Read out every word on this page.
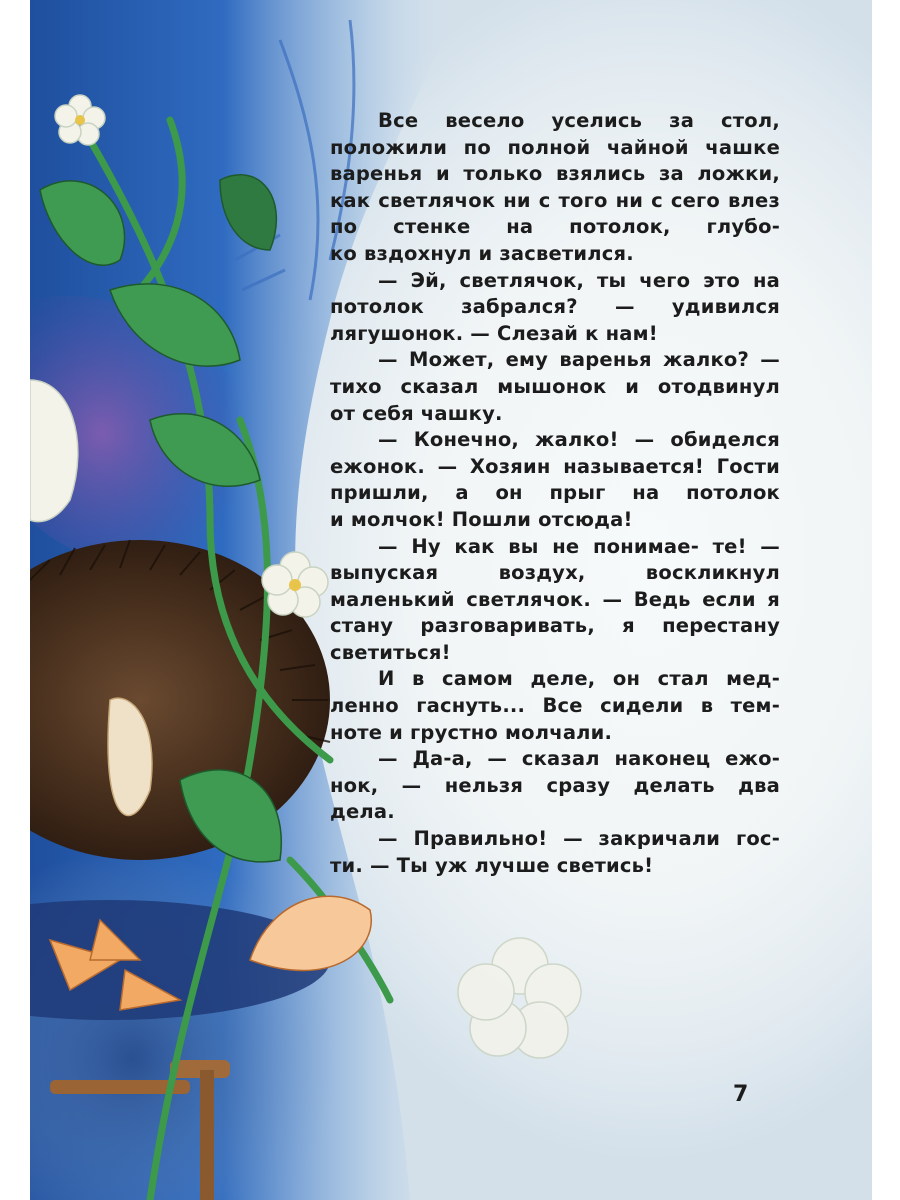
Все весело уселись за стол, положили по полной чайной чашке варенья и только взялись за ложки, как светлячок ни с того ни с сего влез по стенке на потолок, глубо-

ко вздохнул и засветился.

— Эй, светлячок, ты чего это на потолок забрался? — удивился

лягушонок. — Слезай к нам!

— Может, ему варенья жалко? — тихо сказал мышонок и отодвинул

от себя чашку.

— Конечно, жалко! — обиделся ежонок. — Хозяин называется! Гости пришли, а он прыг на потолок

и молчок! Пошли отсюда!

— Ну как вы не понимае- те! — выпуская воздух, воскликнул маленький светлячок. — Ведь если я стану разговаривать, я перестану

светиться!

И в самом деле, он стал мед- ленно гаснуть... Все сидели в тем-

ноте и грустно молчали.

— Да-а, — сказал наконец ежо- нок, — нельзя сразу делать два

дела.

— Правильно! — закричали гос-

ти. — Ты уж лучше светись!

7
